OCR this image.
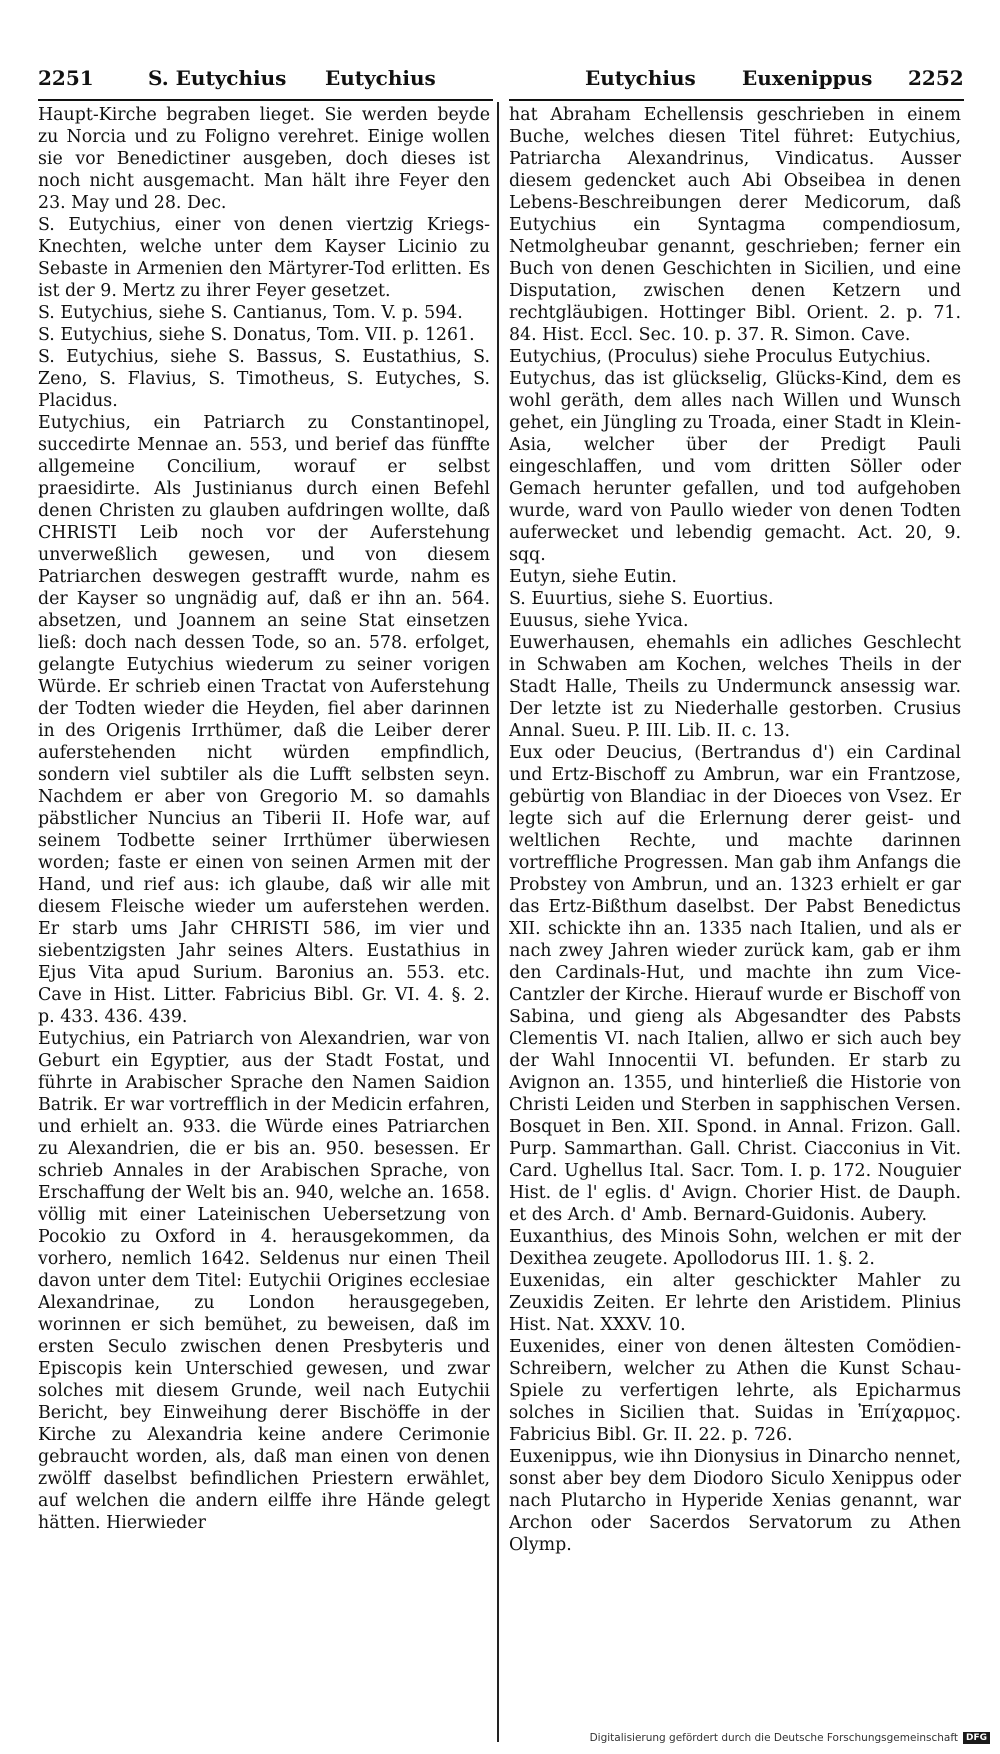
2251	S. Eutychius Eutychius	Eutychius Euxenippus 2252

Haupt-Kirche begraben lieget. Sie werden beyde zu Norcia und zu Foligno verehret. Einige wollen sie vor Benedictiner ausgeben, doch dieses ist noch nicht ausgemacht. Man hält ihre Feyer den 23. May und 28. Dec.

S. Eutychius, einer von denen viertzig Kriegs-Knechten, welche unter dem Kayser Licinio zu Sebaste in Armenien den Märtyrer-Tod erlitten. Es ist der 9. Mertz zu ihrer Feyer gesetzet.

S. Eutychius, siehe S. Cantianus, Tom. V. p. 594.

S. Eutychius, siehe S. Donatus, Tom. VII. p. 1261.

S. Eutychius, siehe S. Bassus, S. Eustathius, S. Zeno, S. Flavius, S. Timotheus, S. Eutyches, S. Placidus.

Eutychius, ein Patriarch zu Constantinopel, succedirte Mennae an. 553, und berief das fünffte allgemeine Concilium, worauf er selbst praesidirte. Als Justinianus durch einen Befehl denen Christen zu glauben aufdringen wollte, daß CHRISTI Leib noch vor der Auferstehung unverweßlich gewesen, und von diesem Patriarchen deswegen gestrafft wurde, nahm es der Kayser so ungnädig auf, daß er ihn an. 564. absetzen, und Joannem an seine Stat einsetzen ließ: doch nach dessen Tode, so an. 578. erfolget, gelangte Eutychius wiederum zu seiner vorigen Würde. Er schrieb einen Tractat von Auferstehung der Todten wieder die Heyden, fiel aber darinnen in des Origenis Irrthümer, daß die Leiber derer auferstehenden nicht würden empfindlich, sondern viel subtiler als die Lufft selbsten seyn. Nachdem er aber von Gregorio M. so damahls päbstlicher Nuncius an Tiberii II. Hofe war, auf seinem Todbette seiner Irrthümer überwiesen worden; faste er einen von seinen Armen mit der Hand, und rief aus: ich glaube, daß wir alle mit diesem Fleische wieder um auferstehen werden. Er starb ums Jahr CHRISTI 586, im vier und siebentzigsten Jahr seines Alters. Eustathius in Ejus Vita apud Surium. Baronius an. 553. etc. Cave in Hist. Litter. Fabricius Bibl. Gr. VI. 4. §. 2. p. 433. 436. 439.

Eutychius, ein Patriarch von Alexandrien, war von Geburt ein Egyptier, aus der Stadt Fostat, und führte in Arabischer Sprache den Namen Saidion Batrik. Er war vortrefflich in der Medicin erfahren, und erhielt an. 933. die Würde eines Patriarchen zu Alexandrien, die er bis an. 950. besessen. Er schrieb Annales in der Arabischen Sprache, von Erschaffung der Welt bis an. 940, welche an. 1658. völlig mit einer Lateinischen Uebersetzung von Pocokio zu Oxford in 4. herausgekommen, da vorhero, nemlich 1642. Seldenus nur einen Theil davon unter dem Titel: Eutychii Origines ecclesiae Alexandrinae, zu London herausgegeben, worinnen er sich bemühet, zu beweisen, daß im ersten Seculo zwischen denen Presbyteris und Episcopis kein Unterschied gewesen, und zwar solches mit diesem Grunde, weil nach Eutychii Bericht, bey Einweihung derer Bischöffe in der Kirche zu Alexandria keine andere Cerimonie gebraucht worden, als, daß man einen von denen zwölff daselbst befindlichen Priestern erwählet, auf welchen die andern eilffe ihre Hände gelegt hätten. Hierwieder

hat Abraham Echellensis geschrieben in einem Buche, welches diesen Titel führet: Eutychius, Patriarcha Alexandrinus, Vindicatus. Ausser diesem gedencket auch Abi Obseibea in denen Lebens-Beschreibungen derer Medicorum, daß Eutychius ein Syntagma compendiosum, Netmolgheubar genannt, geschrieben; ferner ein Buch von denen Geschichten in Sicilien, und eine Disputation, zwischen denen Ketzern und rechtgläubigen. Hottinger Bibl. Orient. 2. p. 71. 84. Hist. Eccl. Sec. 10. p. 37. R. Simon. Cave.

Eutychius, (Proculus) siehe Proculus Eutychius.

Eutychus, das ist glückselig, Glücks-Kind, dem es wohl geräth, dem alles nach Willen und Wunsch gehet, ein Jüngling zu Troada, einer Stadt in Klein-Asia, welcher über der Predigt Pauli eingeschlaffen, und vom dritten Söller oder Gemach herunter gefallen, und tod aufgehoben wurde, ward von Paullo wieder von denen Todten auferwecket und lebendig gemacht. Act. 20, 9. sqq.

Eutyn, siehe Eutin.

S. Euurtius, siehe S. Euortius.

Euusus, siehe Yvica.

Euwerhausen, ehemahls ein adliches Geschlecht in Schwaben am Kochen, welches Theils in der Stadt Halle, Theils zu Undermunck ansessig war. Der letzte ist zu Niederhalle gestorben. Crusius Annal. Sueu. P. III. Lib. II. c. 13.

Eux oder Deucius, (Bertrandus d') ein Cardinal und Ertz-Bischoff zu Ambrun, war ein Frantzose, gebürtig von Blandiac in der Dioeces von Vsez. Er legte sich auf die Erlernung derer geist- und weltlichen Rechte, und machte darinnen vortreffliche Progressen. Man gab ihm Anfangs die Probstey von Ambrun, und an. 1323 erhielt er gar das Ertz-Bißthum daselbst. Der Pabst Benedictus XII. schickte ihn an. 1335 nach Italien, und als er nach zwey Jahren wieder zurück kam, gab er ihm den Cardinals-Hut, und machte ihn zum Vice-Cantzler der Kirche. Hierauf wurde er Bischoff von Sabina, und gieng als Abgesandter des Pabsts Clementis VI. nach Italien, allwo er sich auch bey der Wahl Innocentii VI. befunden. Er starb zu Avignon an. 1355, und hinterließ die Historie von Christi Leiden und Sterben in sapphischen Versen. Bosquet in Ben. XII. Spond. in Annal. Frizon. Gall. Purp. Sammarthan. Gall. Christ. Ciacconius in Vit. Card. Ughellus Ital. Sacr. Tom. I. p. 172. Nouguier Hist. de l' eglis. d' Avign. Chorier Hist. de Dauph. et des Arch. d' Amb. Bernard-Guidonis. Aubery.

Euxanthius, des Minois Sohn, welchen er mit der Dexithea zeugete. Apollodorus III. 1. §. 2.

Euxenidas, ein alter geschickter Mahler zu Zeuxidis Zeiten. Er lehrte den Aristidem. Plinius Hist. Nat. XXXV. 10.

Euxenides, einer von denen ältesten Comödien-Schreibern, welcher zu Athen die Kunst Schau-Spiele zu verfertigen lehrte, als Epicharmus solches in Sicilien that. Suidas in Ἐπίχαρμος. Fabricius Bibl. Gr. II. 22. p. 726.

Euxenippus, wie ihn Dionysius in Dinarcho nennet, sonst aber bey dem Diodoro Siculo Xenippus oder nach Plutarcho in Hyperide Xenias genannt, war Archon oder Sacerdos Servatorum zu Athen Olymp.

Digitalisierung gefördert durch die Deutsche Forschungsgemeinschaft DFG
